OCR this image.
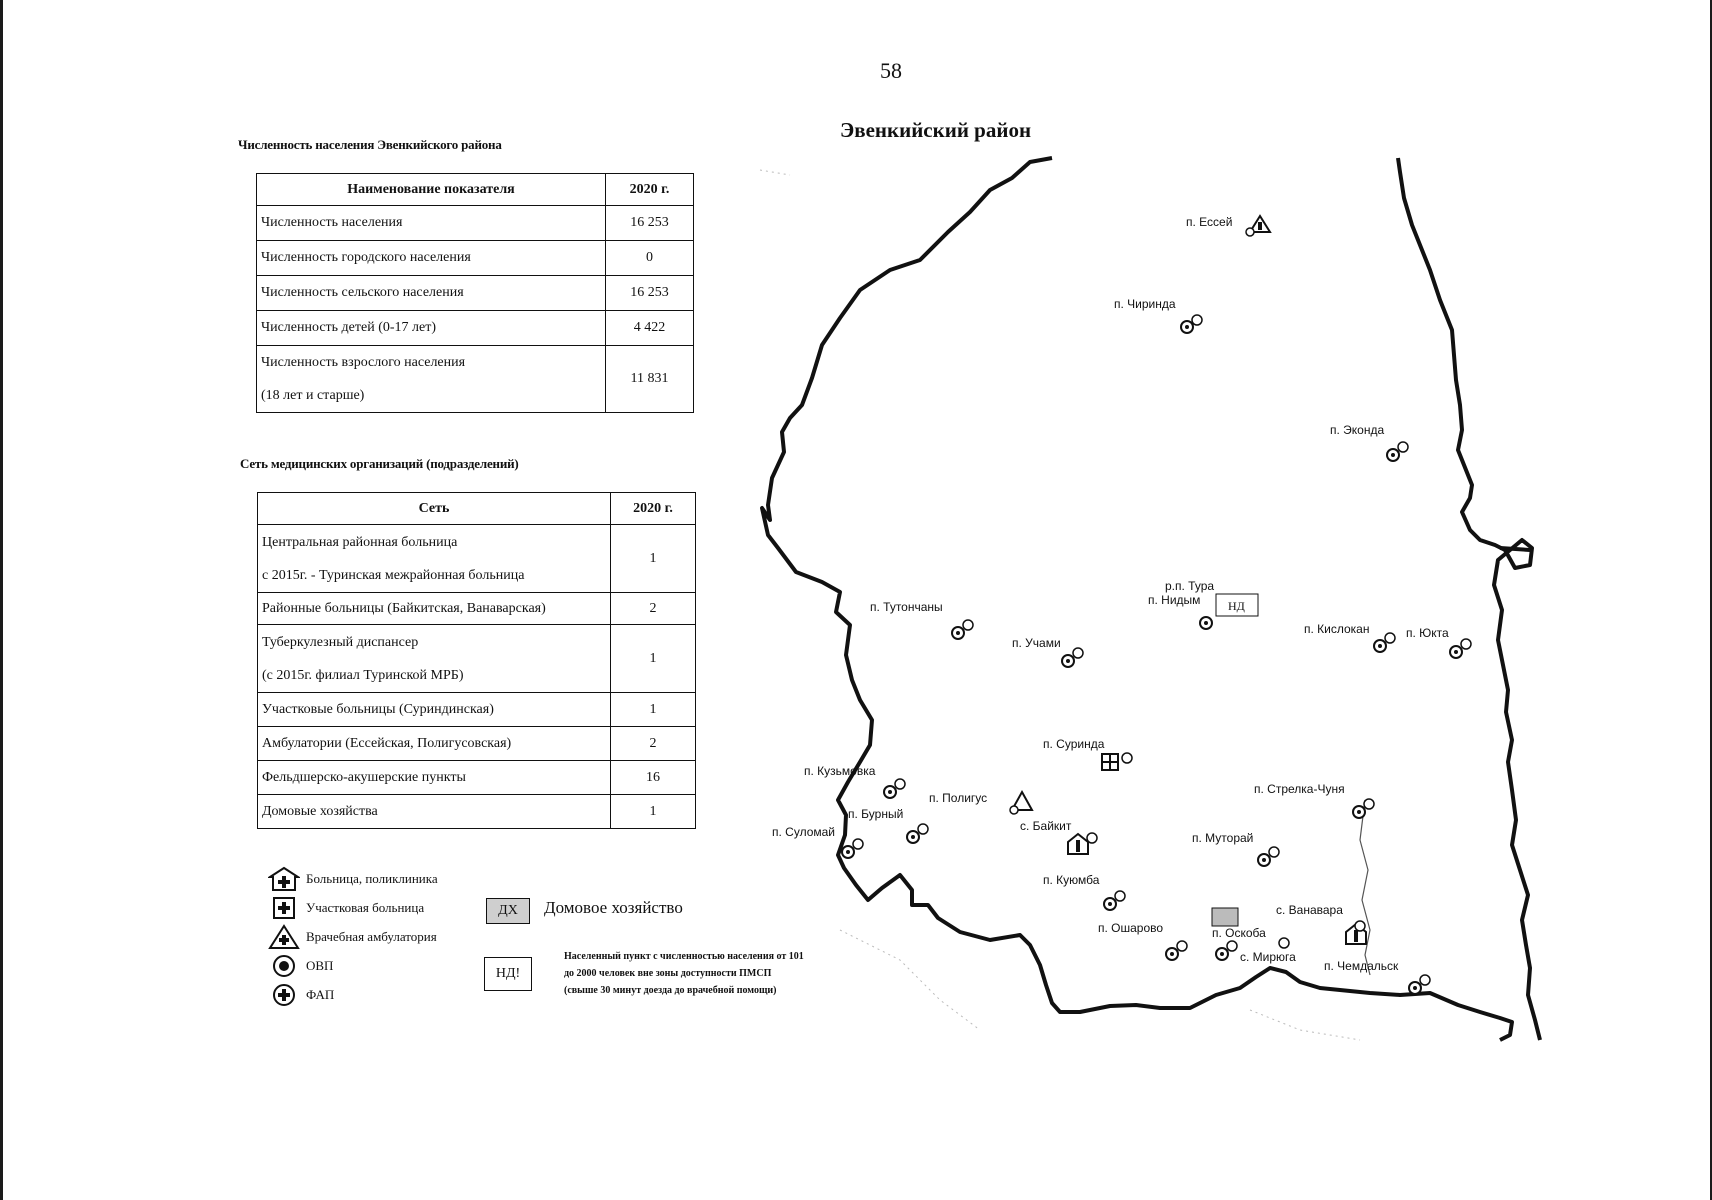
58
Численность населения Эвенкийского района
Наименование показателя	2020 г.
Численность населения	16 253
Численность городского населения	0
Численность сельского населения	16 253
Численность детей (0-17 лет)	4 422

Численность взрослого населения
(18 лет и старше)	11 831
Сеть медицинских организаций (подразделений)
Сеть	2020 г.

Центральная районная больница
с 2015г. - Туринская межрайонная больница	1
Районные больницы (Байкитская, Ванаварская)	2

Туберкулезный диспансер
(с 2015г. филиал Туринской МРБ)	1
Участковые больницы (Суриндинская)	1
Амбулатории (Ессейская, Полигусовская)	2
Фельдшерско-акушерские пункты	16
Домовые хозяйства	1
Больница, поликлиника
Участковая больница
Врачебная амбулатория
ОВП
ФАП
ДХ	Домовое хозяйство
НД!
Населенный пункт с численностью населения от 101 до 2000 человек вне зоны доступности ПМСП (свыше 30 минут доезда до врачебной помощи)
Эвенкийский район
НД
п. Ессей
п. Чиринда
п. Эконда
р.п. Тура
п. Нидым
п. Тутончаны
п. Учами
п. Кислокан	п. Юкта
п. Суринда
п. Кузьмовка
п. Полигус
п. Бурный
п. Суломай	с. Байкит
п. Стрелка-Чуня
п. Муторай
п. Куюмба
п. Ошарово	п. Оскоба
с. Ванавара
с. Мирюга
п. Чемдальск
